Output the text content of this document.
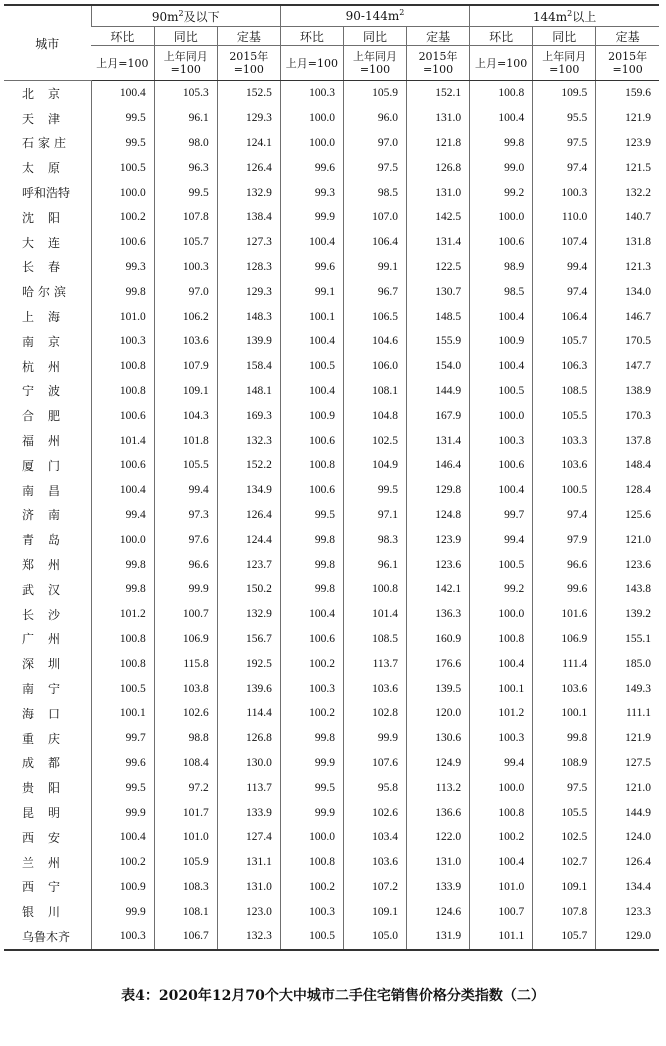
城市	$90m^2$及以下			$90-144m^2$			$144m^2$以上		
	环比	同比	定基	环比	同比	定基	环比	同比	定基
	上月=100	上年同月=100	2015年=100	上月=100	上年同月=100	2015年=100	上月=100	上年同月=100	2015年=100
北京	100.4	105.3	152.5	100.3	105.9	152.1	100.8	109.5	159.6
天津	99.5	96.1	129.3	100.0	96.0	131.0	100.4	95.5	121.9
石家庄	99.5	98.0	124.1	100.0	97.0	121.8	99.8	97.5	123.9
太原	100.5	96.3	126.4	99.6	97.5	126.8	99.0	97.4	121.5
呼和浩特	100.0	99.5	132.9	99.3	98.5	131.0	99.2	100.3	132.2
沈阳	100.2	107.8	138.4	99.9	107.0	142.5	100.0	110.0	140.7
大连	100.6	105.7	127.3	100.4	106.4	131.4	100.6	107.4	131.8
长春	99.3	100.3	128.3	99.6	99.1	122.5	98.9	99.4	121.3
哈尔滨	99.8	97.0	129.3	99.1	96.7	130.7	98.5	97.4	134.0
上海	101.0	106.2	148.3	100.1	106.5	148.5	100.4	106.4	146.7
南京	100.3	103.6	139.9	100.4	104.6	155.9	100.9	105.7	170.5
杭州	100.8	107.9	158.4	100.5	106.0	154.0	100.4	106.3	147.7
宁波	100.8	109.1	148.1	100.4	108.1	144.9	100.5	108.5	138.9
合肥	100.6	104.3	169.3	100.9	104.8	167.9	100.0	105.5	170.3
福州	101.4	101.8	132.3	100.6	102.5	131.4	100.3	103.3	137.8
厦门	100.6	105.5	152.2	100.8	104.9	146.4	100.6	103.6	148.4
南昌	100.4	99.4	134.9	100.6	99.5	129.8	100.4	100.5	128.4
济南	99.4	97.3	126.4	99.5	97.1	124.8	99.7	97.4	125.6
青岛	100.0	97.6	124.4	99.8	98.3	123.9	99.4	97.9	121.0
郑州	99.8	96.6	123.7	99.8	96.1	123.6	100.5	96.6	123.6
武汉	99.8	99.9	150.2	99.8	100.8	142.1	99.2	99.6	143.8
长沙	101.2	100.7	132.9	100.4	101.4	136.3	100.0	101.6	139.2
广州	100.8	106.9	156.7	100.6	108.5	160.9	100.8	106.9	155.1
深圳	100.8	115.8	192.5	100.2	113.7	176.6	100.4	111.4	185.0
南宁	100.5	103.8	139.6	100.3	103.6	139.5	100.1	103.6	149.3
海口	100.1	102.6	114.4	100.2	102.8	120.0	101.2	100.1	111.1
重庆	99.7	98.8	126.8	99.8	99.9	130.6	100.3	99.8	121.9
成都	99.6	108.4	130.0	99.9	107.6	124.9	99.4	108.9	127.5
贵阳	99.5	97.2	113.7	99.5	95.8	113.2	100.0	97.5	121.0
昆明	99.9	101.7	133.9	99.9	102.6	136.6	100.8	105.5	144.9
西安	100.4	101.0	127.4	100.0	103.4	122.0	100.2	102.5	124.0
兰州	100.2	105.9	131.1	100.8	103.6	131.0	100.4	102.7	126.4
西宁	100.9	108.3	131.0	100.2	107.2	133.9	101.0	109.1	134.4
银川	99.9	108.1	123.0	100.3	109.1	124.6	100.7	107.8	123.3
乌鲁木齐	100.3	106.7	132.3	100.5	105.0	131.9	101.1	105.7	129.0
表4：2020年12月70个大中城市二手住宅销售价格分类指数（二）
